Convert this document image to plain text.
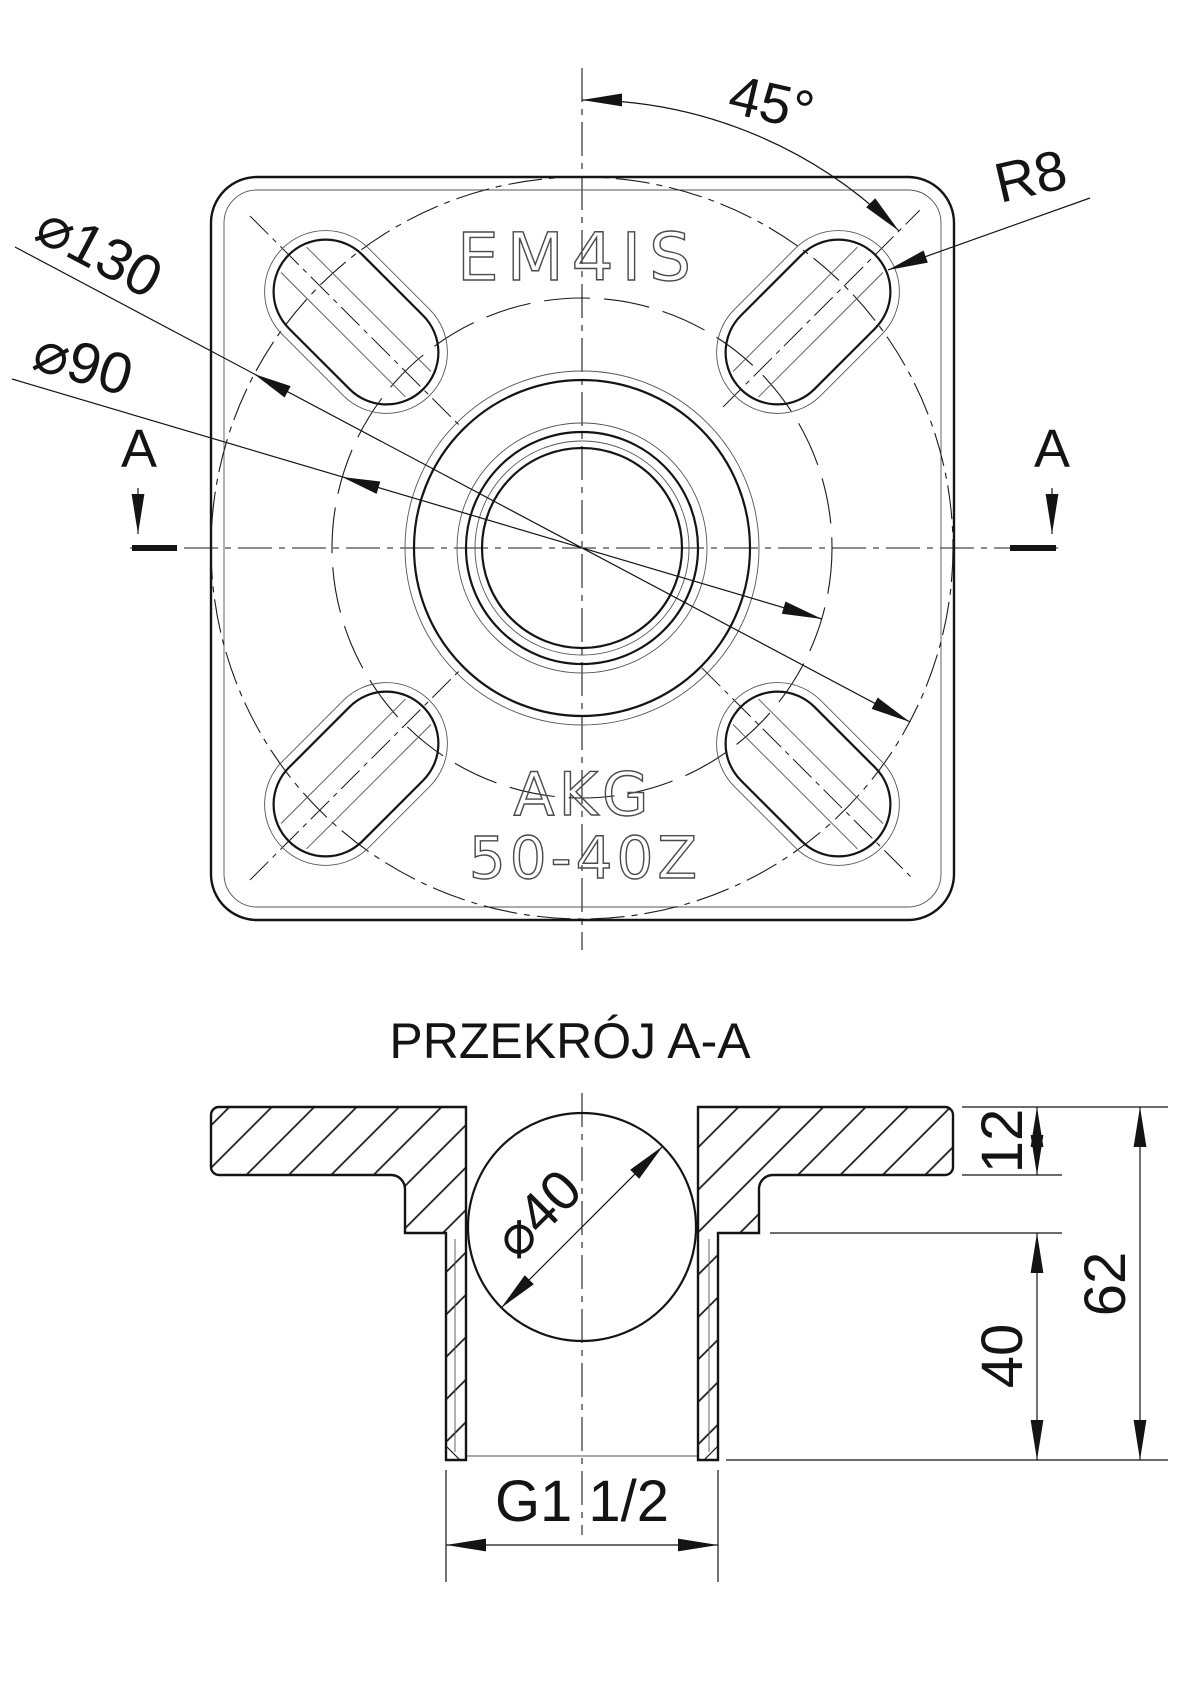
EM4IS
AKG
50-40Z
⌀130
⌀90
45°
R8
A	A
PRZEKRÓJ A-A
⌀40
12
62
40
G1 1/2
